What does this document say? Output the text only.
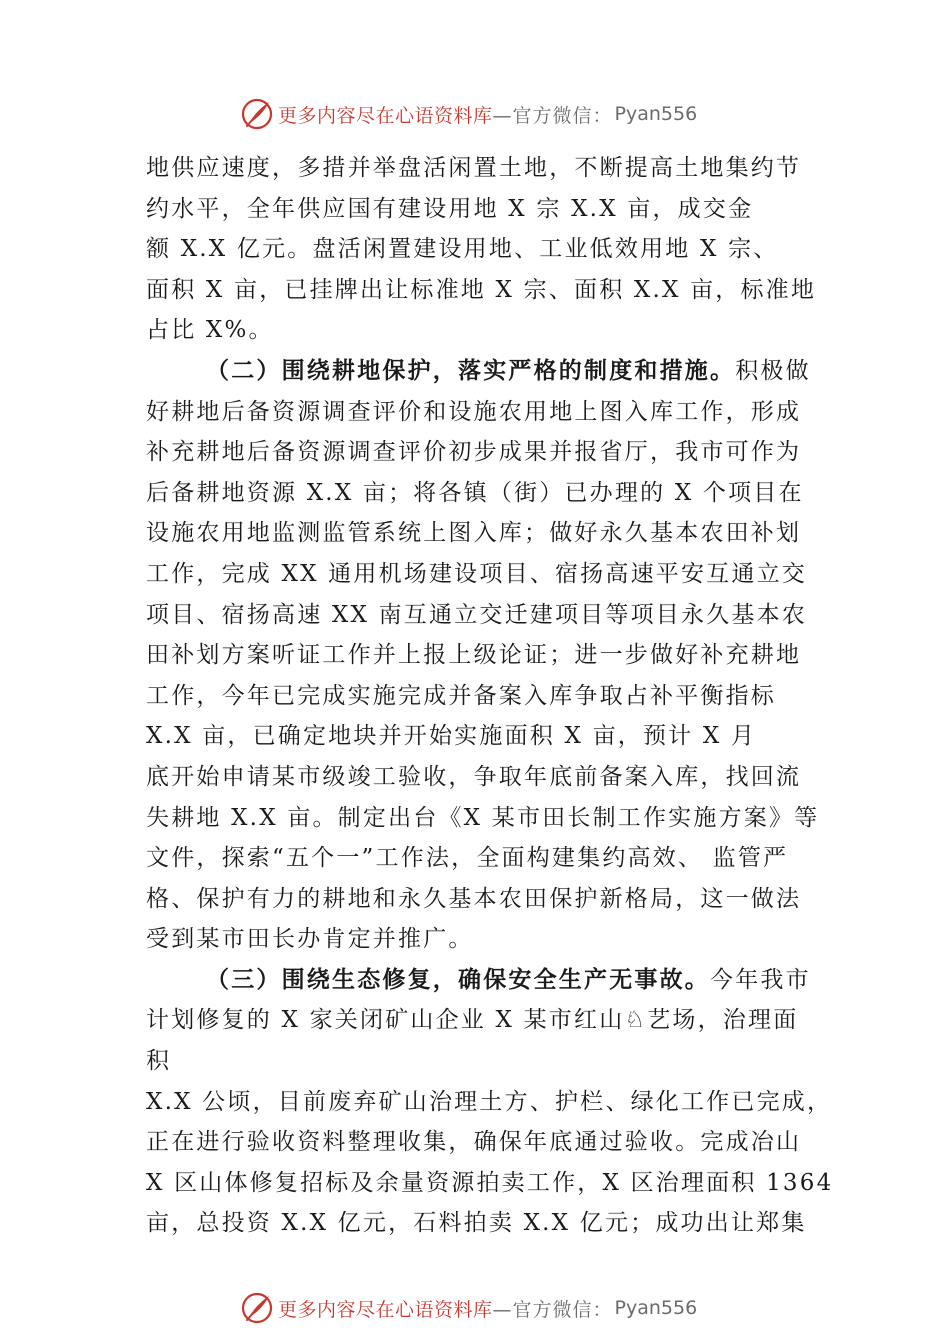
更多内容尽在心语资料库 —官方微信： Pyan556
地供应速度，多措并举盘活闲置土地，不断提高土地集约节
约水平，全年供应国有建设用地 X 宗 X.X 亩，成交金
额 X.X 亿元。盘活闲置建设用地、工业低效用地 X 宗、
面积 X 亩，已挂牌出让标准地 X 宗、面积 X.X 亩，标准地
占比 X%。
（二）围绕耕地保护，落实严格的制度和措施。积极做
好耕地后备资源调查评价和设施农用地上图入库工作，形成
补充耕地后备资源调查评价初步成果并报省厅，我市可作为
后备耕地资源 X.X 亩；将各镇（街）已办理的 X 个项目在
设施农用地监测监管系统上图入库；做好永久基本农田补划
工作，完成 XX 通用机场建设项目、宿扬高速平安互通立交
项目、宿扬高速 XX 南互通立交迁建项目等项目永久基本农
田补划方案听证工作并上报上级论证；进一步做好补充耕地
工作，今年已完成实施完成并备案入库争取占补平衡指标
X.X 亩，已确定地块并开始实施面积 X 亩，预计 X 月
底开始申请某市级竣工验收，争取年底前备案入库，找回流
失耕地 X.X 亩。制定出台《X 某市田长制工作实施方案》等
文件，探索“五个一”工作法，全面构建集约高效、 监管严
格、保护有力的耕地和永久基本农田保护新格局，这一做法
受到某市田长办肯定并推广。
（三）围绕生态修复，确保安全生产无事故。今年我市
计划修复的 X 家关闭矿山企业 X 某市红山♘艺场，治理面
积
X.X 公顷，目前废弃矿山治理土方、护栏、绿化工作已完成，
正在进行验收资料整理收集，确保年底通过验收。完成冶山
X 区山体修复招标及余量资源拍卖工作，X 区治理面积 1364
亩，总投资 X.X 亿元，石料拍卖 X.X 亿元；成功出让郑集
更多内容尽在心语资料库 —官方微信： Pyan556
